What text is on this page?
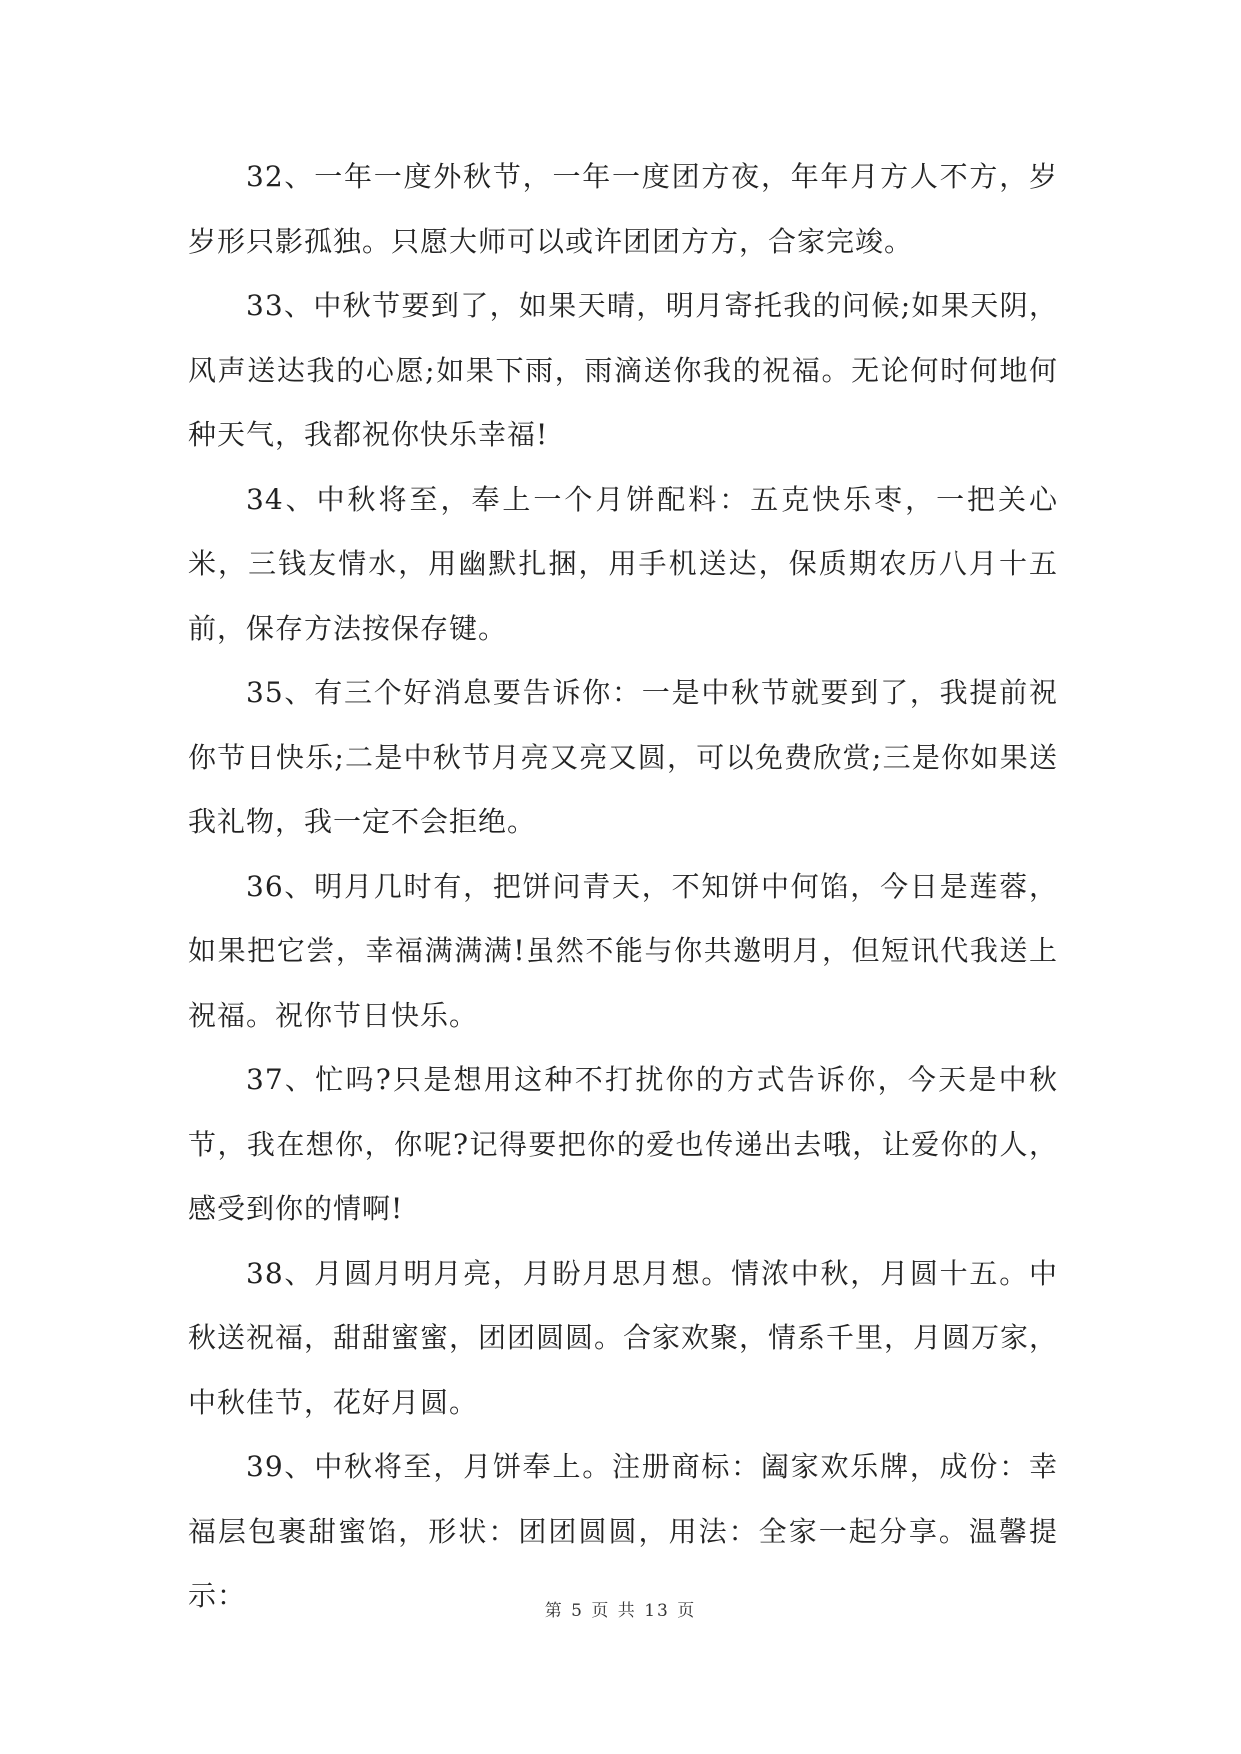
32、一年一度外秋节，一年一度团方夜，年年月方人不方，岁岁形只影孤独。只愿大师可以或许团团方方，合家完竣。

33、中秋节要到了，如果天晴，明月寄托我的问候;如果天阴，风声送达我的心愿;如果下雨，雨滴送你我的祝福。无论何时何地何种天气，我都祝你快乐幸福!

34、中秋将至，奉上一个月饼配料：五克快乐枣，一把关心米，三钱友情水，用幽默扎捆，用手机送达，保质期农历八月十五前，保存方法按保存键。

35、有三个好消息要告诉你：一是中秋节就要到了，我提前祝你节日快乐;二是中秋节月亮又亮又圆，可以免费欣赏;三是你如果送我礼物，我一定不会拒绝。

36、明月几时有，把饼问青天，不知饼中何馅，今日是莲蓉，如果把它尝，幸福满满满!虽然不能与你共邀明月，但短讯代我送上祝福。祝你节日快乐。

37、忙吗?只是想用这种不打扰你的方式告诉你，今天是中秋节，我在想你，你呢?记得要把你的爱也传递出去哦，让爱你的人，感受到你的情啊!

38、月圆月明月亮，月盼月思月想。情浓中秋，月圆十五。中秋送祝福，甜甜蜜蜜，团团圆圆。合家欢聚，情系千里，月圆万家，中秋佳节，花好月圆。

39、中秋将至，月饼奉上。注册商标：阖家欢乐牌，成份：幸福层包裹甜蜜馅，形状：团团圆圆，用法：全家一起分享。温馨提示：	第 5 页 共 13 页
